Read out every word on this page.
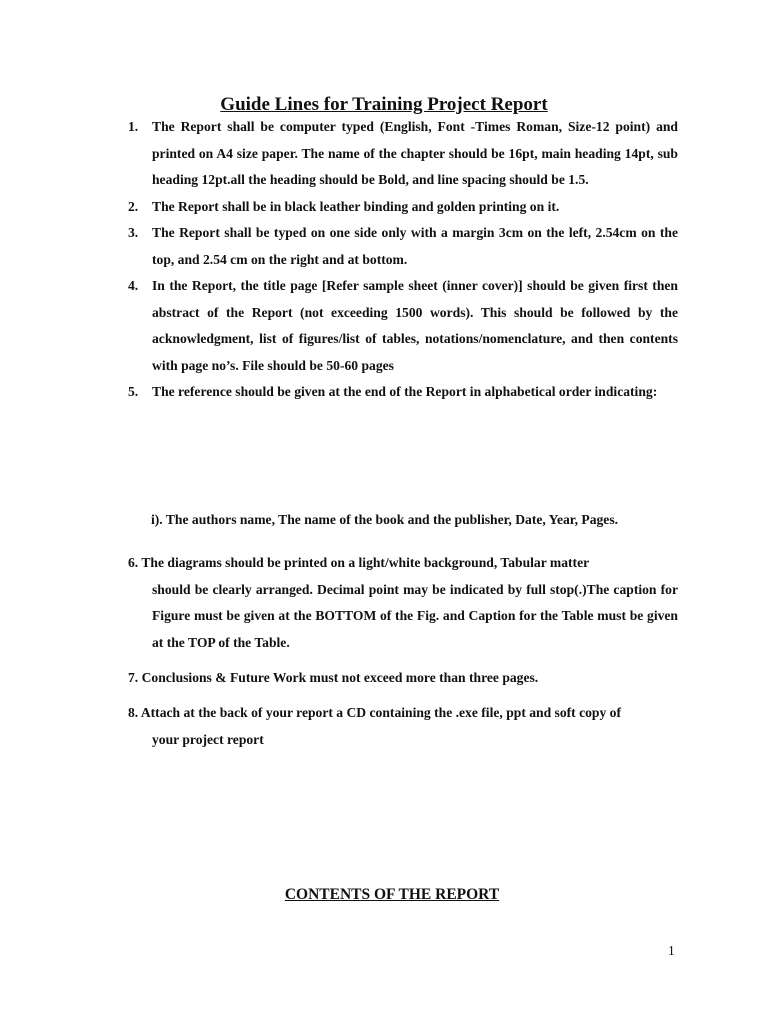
Guide Lines for Training Project Report
1. The Report shall be computer typed (English, Font -Times Roman, Size-12 point) and printed on A4 size paper. The name of the chapter should be 16pt, main heading 14pt, sub heading 12pt.all the heading should be Bold, and line spacing should be 1.5.
2. The Report shall be in black leather binding and golden printing on it.
3. The Report shall be typed on one side only with a margin 3cm on the left, 2.54cm on the top, and 2.54 cm on the right and at bottom.
4. In the Report, the title page [Refer sample sheet (inner cover)] should be given first then abstract of the Report (not exceeding 1500 words). This should be followed by the acknowledgment, list of figures/list of tables, notations/nomenclature, and then contents with page no’s. File should be 50-60 pages
5. The reference should be given at the end of the Report in alphabetical order indicating:
i). The authors name, The name of the book and the publisher, Date, Year, Pages.
6. The diagrams should be printed on a light/white background, Tabular matter
should be clearly arranged. Decimal point may be indicated by full stop(.)The caption for Figure must be given at the BOTTOM of the Fig. and Caption for the Table must be given at the TOP of the Table.
7. Conclusions & Future Work must not exceed more than three pages.
8. Attach at the back of your report a CD containing the .exe file, ppt and soft copy of
your project report
CONTENTS OF THE REPORT
1
